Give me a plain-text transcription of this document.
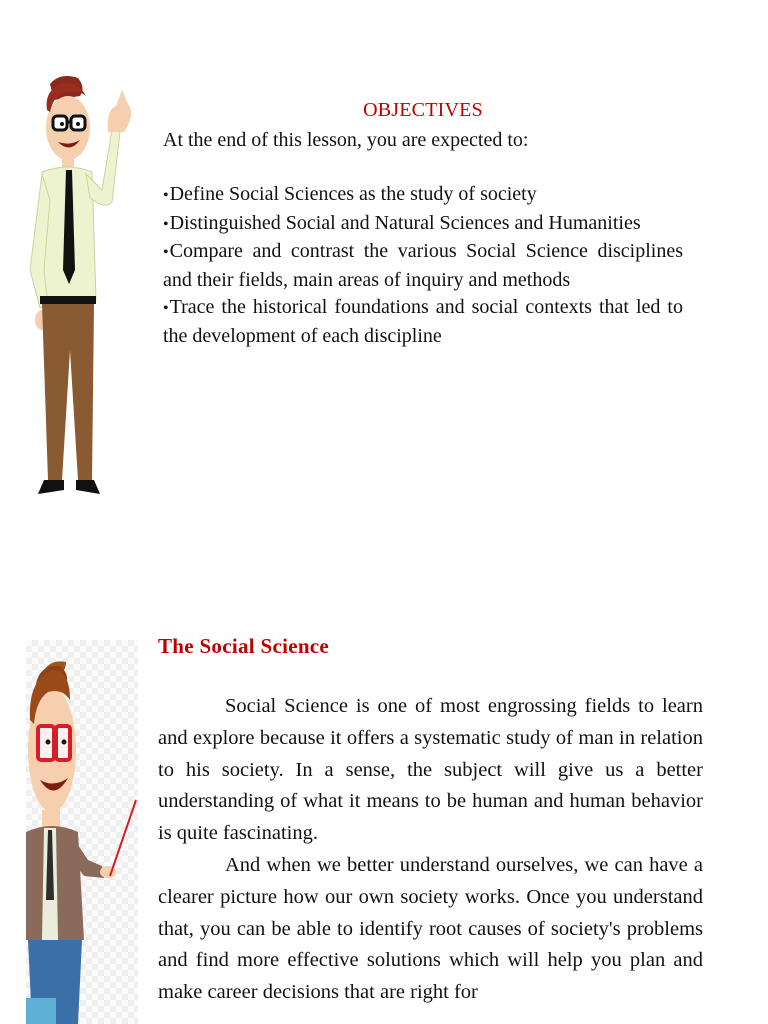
OBJECTIVES
At the end of this lesson, you are expected to:
•Define Social Sciences as the study of society
•Distinguished Social and Natural Sciences and Humanities
•Compare and contrast the various Social Science disciplines and their fields, main areas of inquiry and methods
•Trace the historical foundations and social contexts that led to the development of each discipline
The Social Science

Social Science is one of most engrossing fields to learn and explore because it offers a systematic study of man in relation to his society. In a sense, the subject will give us a better understanding of what it means to be human and human behavior is quite fascinating.

And when we better understand ourselves, we can have a clearer picture how our own society works. Once you understand that, you can be able to identify root causes of society's problems and find more effective solutions which will help you plan and make career decisions that are right for
